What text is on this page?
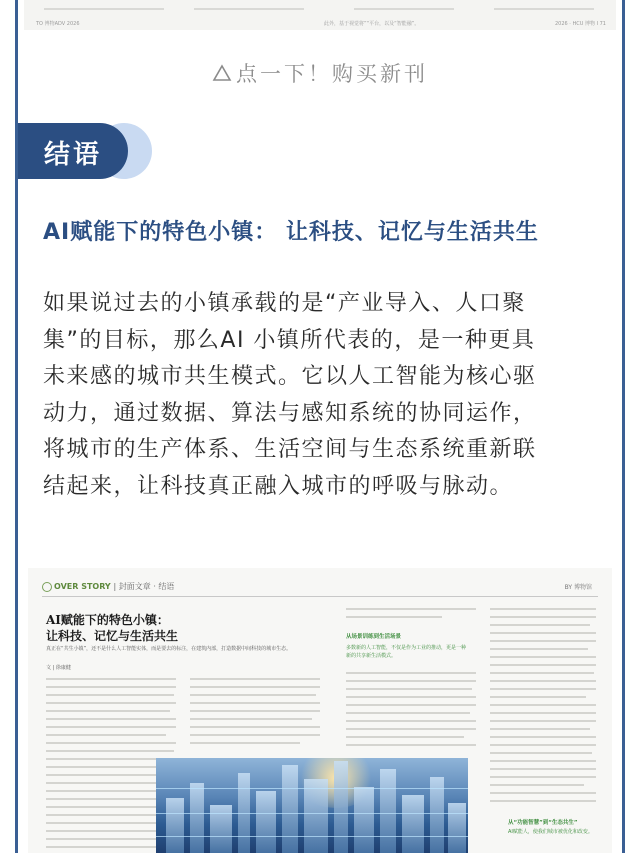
TO 博物ADV 2026	此外，基于视觉将”“平台，以及“智能融”。	2026 · HCU 博物 I 71
点一下！购买新刊
结语
AI赋能下的特色小镇： 让科技、记忆与生活共生
如果说过去的小镇承载的是“产业导入、人口聚
集”的目标，那么AI 小镇所代表的，是一种更具
未来感的城市共生模式。它以人工智能为核心驱
动力，通过数据、算法与感知系统的协同运作，
将城市的生产体系、生活空间与生态系统重新联
结起来，让科技真正融入城市的呼吸与脉动。
OVER STORY | 封面文章 · 结语	BY 博物馆
AI赋能下的特色小镇：
让科技、记忆与生活共生
真正在“共生小镇”，还不是什么人工智能实体，而是要去的标注，在建筑内部，打造数据中间科技的城市生态。
文 | 徐康健
从场景训练到生活场景
多数新的人工智能，不仅是作为工业的推动，更是一种新的共享新生活模式。
从“功能智慧”到“生态共生”
AI赋能人，使我们城市被优化和改变。
